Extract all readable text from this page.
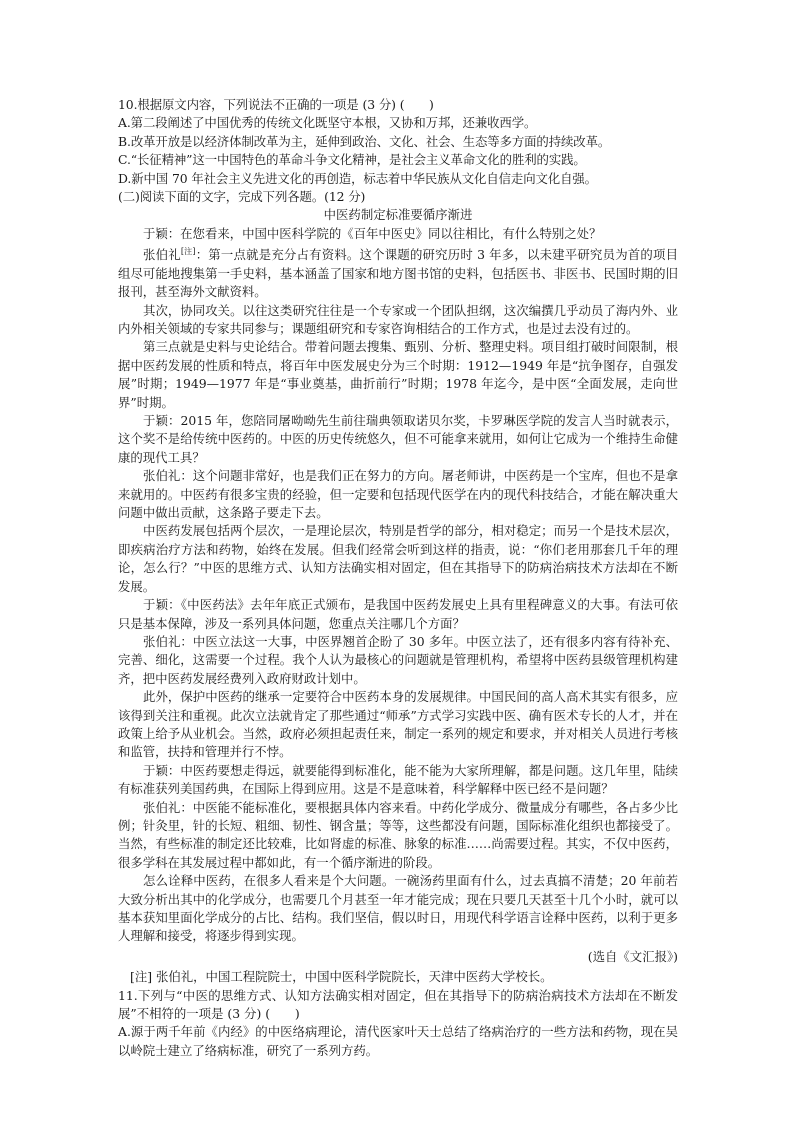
10.根据原文内容，下列说法不正确的一项是 (3 分) (　　)
A.第二段阐述了中国优秀的传统文化既坚守本根，又协和万邦，还兼收西学。
B.改革开放是以经济体制改革为主，延伸到政治、文化、社会、生态等多方面的持续改革。
C.“长征精神”这一中国特色的革命斗争文化精神，是社会主义革命文化的胜利的实践。
D.新中国 70 年社会主义先进文化的再创造，标志着中华民族从文化自信走向文化自强。
(二)阅读下面的文字，完成下列各题。(12 分)
中医药制定标准要循序渐进
于颖：在您看来，中国中医科学院的《百年中医史》同以往相比，有什么特别之处？
张伯礼[注]：第一点就是充分占有资料。这个课题的研究历时 3 年多，以未建平研究员为首的项目组尽可能地搜集第一手史料，基本涵盖了国家和地方图书馆的史料，包括医书、非医书、民国时期的旧报刊，甚至海外文献资料。
其次，协同攻关。以往这类研究往往是一个专家或一个团队担纲，这次编撰几乎动员了海内外、业内外相关领域的专家共同参与；课题组研究和专家咨询相结合的工作方式，也是过去没有过的。
第三点就是史料与史论结合。带着问题去搜集、甄别、分析、整理史料。项目组打破时间限制，根据中医药发展的性质和特点，将百年中医发展史分为三个时期：1912—1949 年是“抗争图存，自强发展”时期；1949—1977 年是“事业奠基，曲折前行”时期；1978 年迄今，是中医“全面发展，走向世界”时期。
于颖：2015 年，您陪同屠呦呦先生前往瑞典领取诺贝尔奖，卡罗琳医学院的发言人当时就表示，这个奖不是给传统中医药的。中医的历史传统悠久，但不可能拿来就用，如何让它成为一个维持生命健康的现代工具？
张伯礼：这个问题非常好，也是我们正在努力的方向。屠老师讲，中医药是一个宝库，但也不是拿来就用的。中医药有很多宝贵的经验，但一定要和包括现代医学在内的现代科技结合，才能在解决重大问题中做出贡献，这条路子要走下去。
中医药发展包括两个层次，一是理论层次，特别是哲学的部分，相对稳定；而另一个是技术层次，即疾病治疗方法和药物，始终在发展。但我们经常会听到这样的指责，说：“你们老用那套几千年的理论，怎么行？”中医的思维方式、认知方法确实相对固定，但在其指导下的防病治病技术方法却在不断发展。
于颖：《中医药法》去年年底正式颁布，是我国中医药发展史上具有里程碑意义的大事。有法可依只是基本保障，涉及一系列具体问题，您重点关注哪几个方面？
张伯礼：中医立法这一大事，中医界翘首企盼了 30 多年。中医立法了，还有很多内容有待补充、完善、细化，这需要一个过程。我个人认为最核心的问题就是管理机构，希望将中医药县级管理机构建齐，把中医药发展经费列入政府财政计划中。
此外，保护中医药的继承一定要符合中医药本身的发展规律。中国民间的高人高术其实有很多，应该得到关注和重视。此次立法就肯定了那些通过“师承”方式学习实践中医、确有医术专长的人才，并在政策上给予从业机会。当然，政府必须担起责任来，制定一系列的规定和要求，并对相关人员进行考核和监管，扶持和管理并行不悖。
于颖：中医药要想走得远，就要能得到标准化，能不能为大家所理解，都是问题。这几年里，陆续有标准获列美国药典，在国际上得到应用。这是不是意味着，科学解释中医已经不是问题？
张伯礼：中医能不能标准化，要根据具体内容来看。中药化学成分、微量成分有哪些，各占多少比例；针灸里，针的长短、粗细、韧性、钢含量；等等，这些都没有问题，国际标准化组织也都接受了。当然，有些标准的制定还比较难，比如肾虚的标准、脉象的标准……尚需要过程。其实，不仅中医药，很多学科在其发展过程中都如此，有一个循序渐进的阶段。
怎么诠释中医药，在很多人看来是个大问题。一碗汤药里面有什么，过去真搞不清楚；20 年前若大致分析出其中的化学成分，也需要几个月甚至一年才能完成；现在只要几天甚至十几个小时，就可以基本获知里面化学成分的占比、结构。我们坚信，假以时日，用现代科学语言诠释中医药，以利于更多人理解和接受，将逐步得到实现。
(选自《文汇报》)
[注] 张伯礼，中国工程院院士，中国中医科学院院长，天津中医药大学校长。
11.下列与“中医的思维方式、认知方法确实相对固定，但在其指导下的防病治病技术方法却在不断发展”不相符的一项是 (3 分) (　　)
A.源于两千年前《内经》的中医络病理论，清代医家叶天士总结了络病治疗的一些方法和药物，现在吴以岭院士建立了络病标准，研究了一系列方药。
